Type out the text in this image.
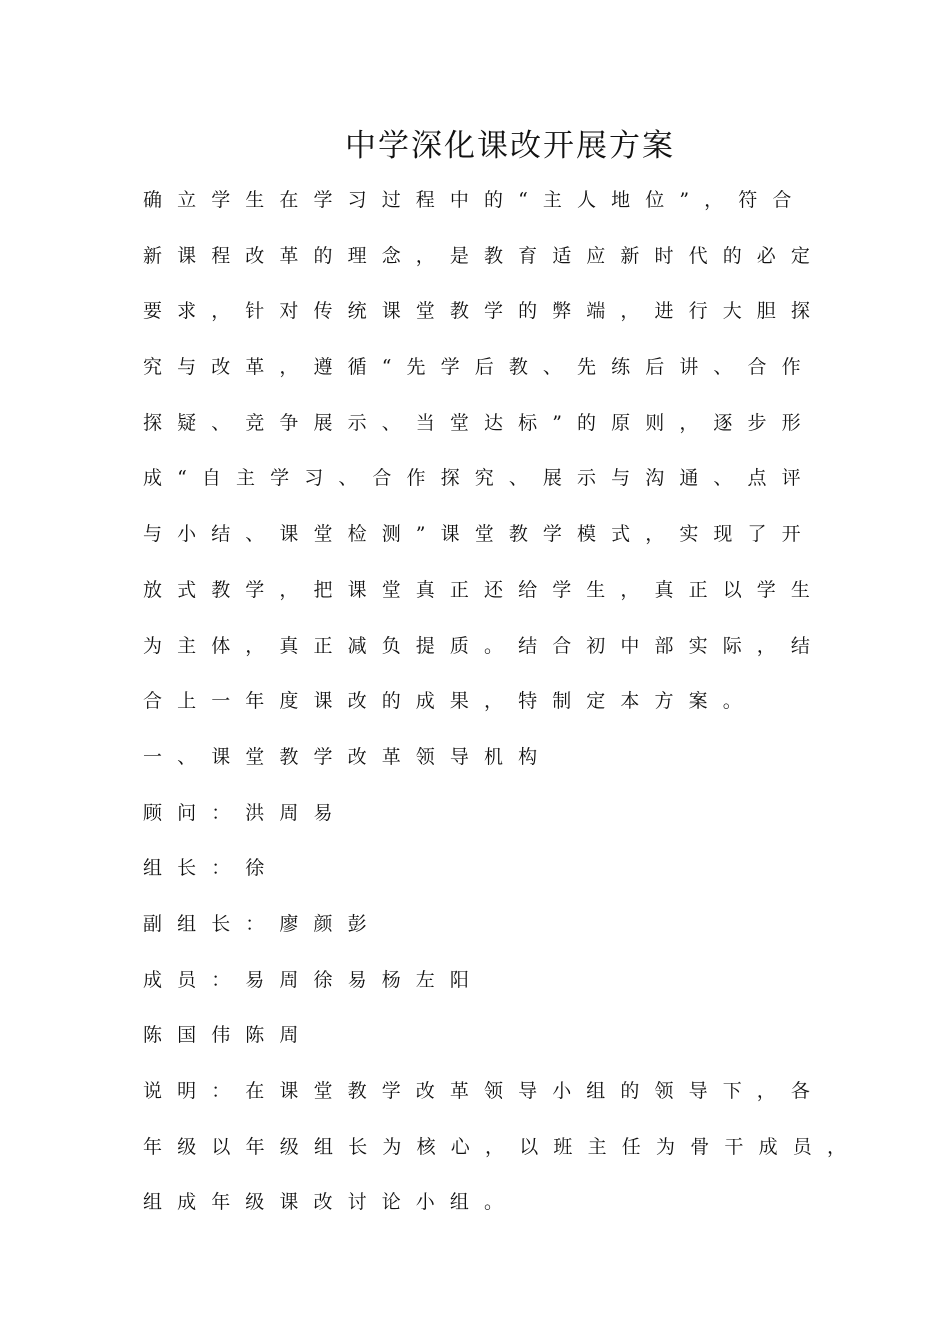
中学深化课改开展方案
确立学生在学习过程中的“主人地位”，符合
新课程改革的理念，是教育适应新时代的必定
要求，针对传统课堂教学的弊端，进行大胆探
究与改革，遵循“先学后教、先练后讲、合作
探疑、竞争展示、当堂达标”的原则，逐步形
成“自主学习、合作探究、展示与沟通、点评
与小结、课堂检测”课堂教学模式，实现了开
放式教学，把课堂真正还给学生，真正以学生
为主体，真正减负提质。结合初中部实际，结
合上一年度课改的成果，特制定本方案。
一、课堂教学改革领导机构
顾问：洪周易
组长：徐
副组长：廖颜彭
成员：易周徐易杨左阳
陈国伟陈周
说明：在课堂教学改革领导小组的领导下，各
年级以年级组长为核心，以班主任为骨干成员，
组成年级课改讨论小组。
